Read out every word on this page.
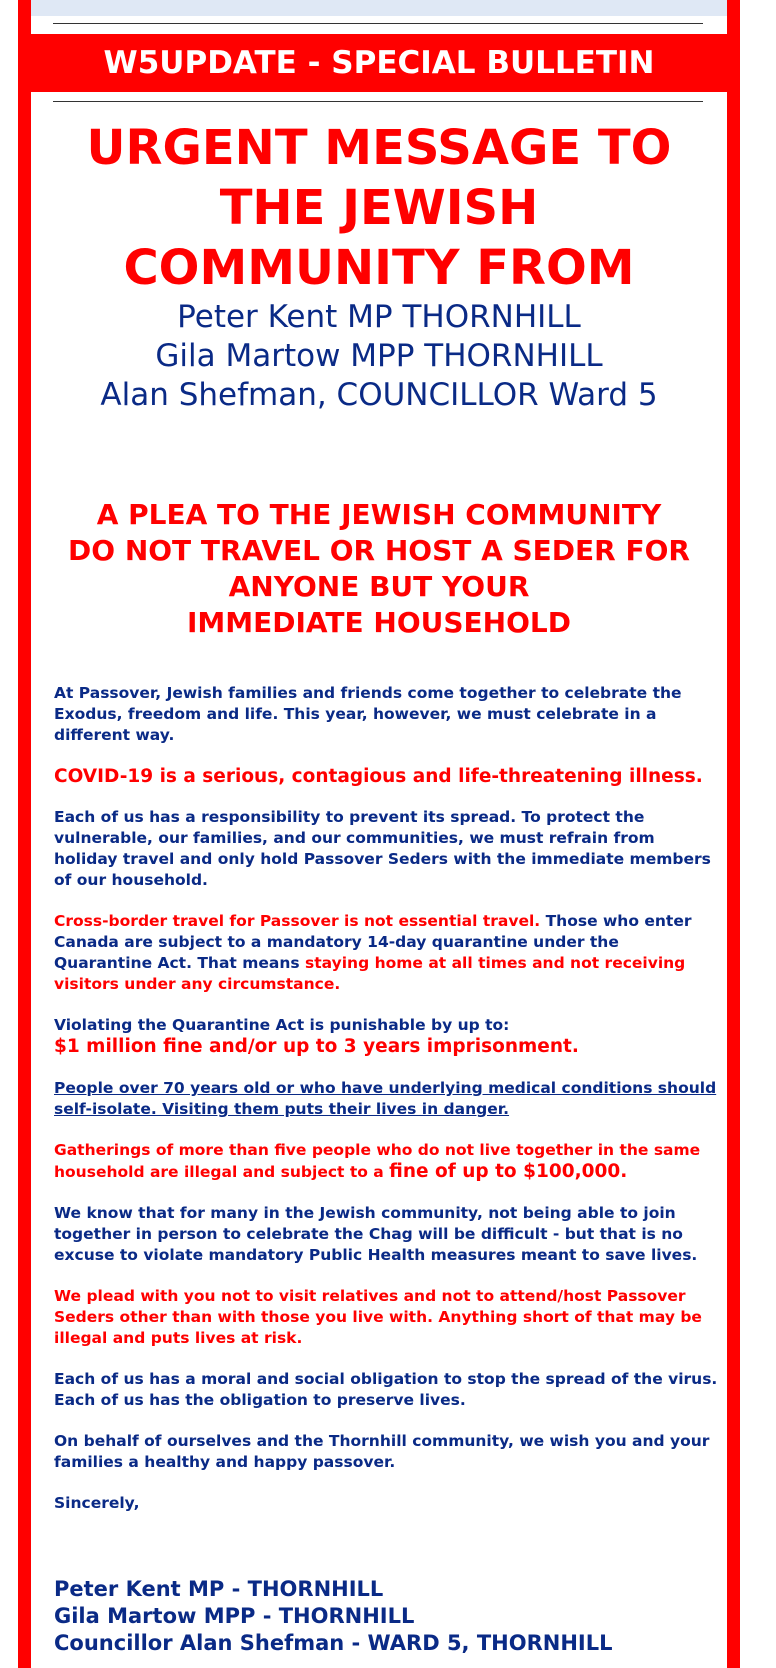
W5UPDATE - SPECIAL BULLETIN
URGENT MESSAGE TO
THE JEWISH
COMMUNITY FROM
Peter Kent MP THORNHILL
Gila Martow MPP THORNHILL
Alan Shefman, COUNCILLOR Ward 5
A PLEA TO THE JEWISH COMMUNITY
DO NOT TRAVEL OR HOST A SEDER FOR
ANYONE BUT YOUR
IMMEDIATE HOUSEHOLD

At Passover, Jewish families and friends come together to celebrate the Exodus, freedom and life. This year, however, we must celebrate in a different way.

COVID-19 is a serious, contagious and life-threatening illness.

Each of us has a responsibility to prevent its spread. To protect the vulnerable, our families, and our communities, we must refrain from holiday travel and only hold Passover Seders with the immediate members of our household.

Cross-border travel for Passover is not essential travel. Those who enter Canada are subject to a mandatory 14-day quarantine under the Quarantine Act. That means staying home at all times and not receiving visitors under any circumstance.

Violating the Quarantine Act is punishable by up to:
$1 million fine and/or up to 3 years imprisonment.

People over 70 years old or who have underlying medical conditions should self-isolate. Visiting them puts their lives in danger.

Gatherings of more than five people who do not live together in the same household are illegal and subject to a fine of up to $100,000.

We know that for many in the Jewish community, not being able to join together in person to celebrate the Chag will be difficult - but that is no excuse to violate mandatory Public Health measures meant to save lives.

We plead with you not to visit relatives and not to attend/host Passover Seders other than with those you live with. Anything short of that may be illegal and puts lives at risk.

Each of us has a moral and social obligation to stop the spread of the virus. Each of us has the obligation to preserve lives.

On behalf of ourselves and the Thornhill community, we wish you and your families a healthy and happy passover.

Sincerely,

Peter Kent MP - THORNHILL
Gila Martow MPP - THORNHILL
Councillor Alan Shefman - WARD 5, THORNHILL
